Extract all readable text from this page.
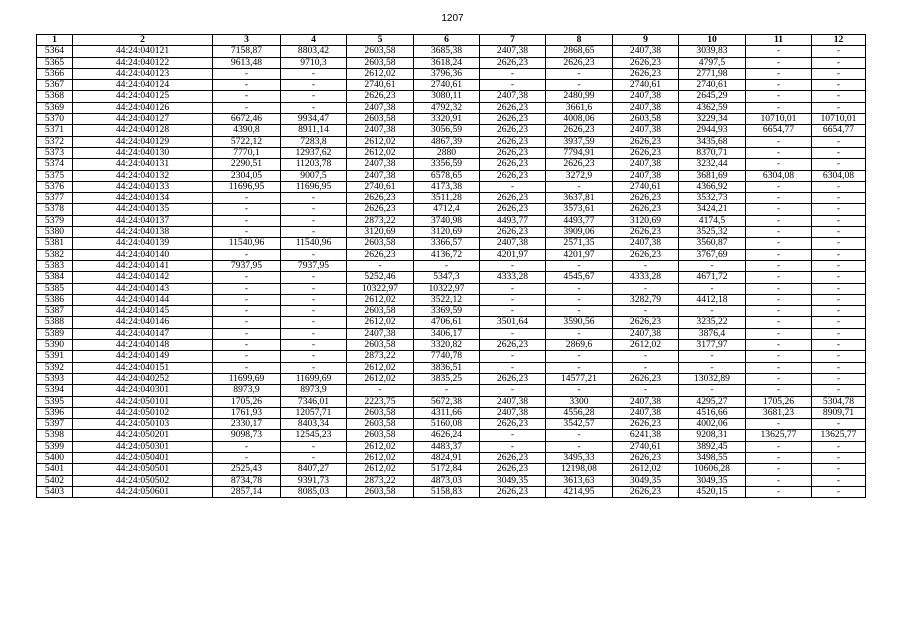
1207
1	2	3	4	5	6	7	8	9	10	11	12
5364	44:24:040121	7158,87	8803,42	2603,58	3685,38	2407,38	2868,65	2407,38	3039,83	-	-
5365	44:24:040122	9613,48	9710,3	2603,58	3618,24	2626,23	2626,23	2626,23	4797,5	-	-
5366	44:24:040123	-	-	2612,02	3796,36	-	-	2626,23	2771,98	-	-
5367	44:24:040124	-	-	2740,61	2740,61	-	-	2740,61	2740,61	-	-
5368	44:24:040125	-	-	2626,23	3080,11	2407,38	2480,99	2407,38	2645,29	-	-
5369	44:24:040126	-	-	2407,38	4792,32	2626,23	3661,6	2407,38	4362,59	-	-
5370	44:24:040127	6672,46	9934,47	2603,58	3320,91	2626,23	4008,06	2603,58	3229,34	10710,01	10710,01
5371	44:24:040128	4390,8	8911,14	2407,38	3056,59	2626,23	2626,23	2407,38	2944,93	6654,77	6654,77
5372	44:24:040129	5722,12	7283,8	2612,02	4867,39	2626,23	3937,59	2626,23	3435,68	-	-
5373	44:24:040130	7770,1	12937,62	2612,02	2880	2626,23	7794,91	2626,23	8370,71	-	-
5374	44:24:040131	2290,51	11203,78	2407,38	3356,59	2626,23	2626,23	2407,38	3232,44	-	-
5375	44:24:040132	2304,05	9007,5	2407,38	6578,65	2626,23	3272,9	2407,38	3681,69	6304,08	6304,08
5376	44:24:040133	11696,95	11696,95	2740,61	4173,38	-	-	2740,61	4366,92	-	-
5377	44:24:040134	-	-	2626,23	3511,28	2626,23	3637,81	2626,23	3532,73	-	-
5378	44:24:040135	-	-	2626,23	4712,4	2626,23	3573,61	2626,23	3424,21	-	-
5379	44:24:040137	-	-	2873,22	3740,98	4493,77	4493,77	3120,69	4174,5	-	-
5380	44:24:040138	-	-	3120,69	3120,69	2626,23	3909,06	2626,23	3525,32	-	-
5381	44:24:040139	11540,96	11540,96	2603,58	3366,57	2407,38	2571,35	2407,38	3560,87	-	-
5382	44:24:040140	-	-	2626,23	4136,72	4201,97	4201,97	2626,23	3767,69	-	-
5383	44:24:040141	7937,95	7937,95	-	-	-	-	-	-	-	-
5384	44:24:040142	-	-	5252,46	5347,3	4333,28	4545,67	4333,28	4671,72	-	-
5385	44:24:040143	-	-	10322,97	10322,97	-	-	-	-	-	-
5386	44:24:040144	-	-	2612,02	3522,12	-	-	3282,79	4412,18	-	-
5387	44:24:040145	-	-	2603,58	3369,59	-	-	-	-	-	-
5388	44:24:040146	-	-	2612,02	4706,61	3501,64	3590,56	2626,23	3235,22	-	-
5389	44:24:040147	-	-	2407,38	3406,17	-	-	2407,38	3876,4	-	-
5390	44:24:040148	-	-	2603,58	3320,82	2626,23	2869,6	2612,02	3177,97	-	-
5391	44:24:040149	-	-	2873,22	7740,78	-	-	-	-	-	-
5392	44:24:040151	-	-	2612,02	3836,51	-	-	-	-	-	-
5393	44:24:040252	11699,69	11699,69	2612,02	3835,25	2626,23	14577,21	2626,23	13032,89	-	-
5394	44:24:040301	8973,9	8973,9	-	-	-	-	-	-	-	-
5395	44:24:050101	1705,26	7346,01	2223,75	5672,38	2407,38	3300	2407,38	4295,27	1705,26	5304,78
5396	44:24:050102	1761,93	12057,71	2603,58	4311,66	2407,38	4556,28	2407,38	4516,66	3681,23	8909,71
5397	44:24:050103	2330,17	8403,34	2603,58	5160,08	2626,23	3542,57	2626,23	4002,06	-	-
5398	44:24:050201	9098,73	12545,23	2603,58	4626,24	-	-	6241,38	9208,31	13625,77	13625,77
5399	44:24:050301	-	-	2612,02	4483,37	-	-	2740,61	3892,45	-	-
5400	44:24:050401	-	-	2612,02	4824,91	2626,23	3495,33	2626,23	3498,55	-	-
5401	44:24:050501	2525,43	8407,27	2612,02	5172,84	2626,23	12198,08	2612,02	10606,28	-	-
5402	44:24:050502	8734,78	9391,73	2873,22	4873,03	3049,35	3613,63	3049,35	3049,35	-	-
5403	44:24:050601	2857,14	8085,03	2603,58	5158,83	2626,23	4214,95	2626,23	4520,15	-	-
